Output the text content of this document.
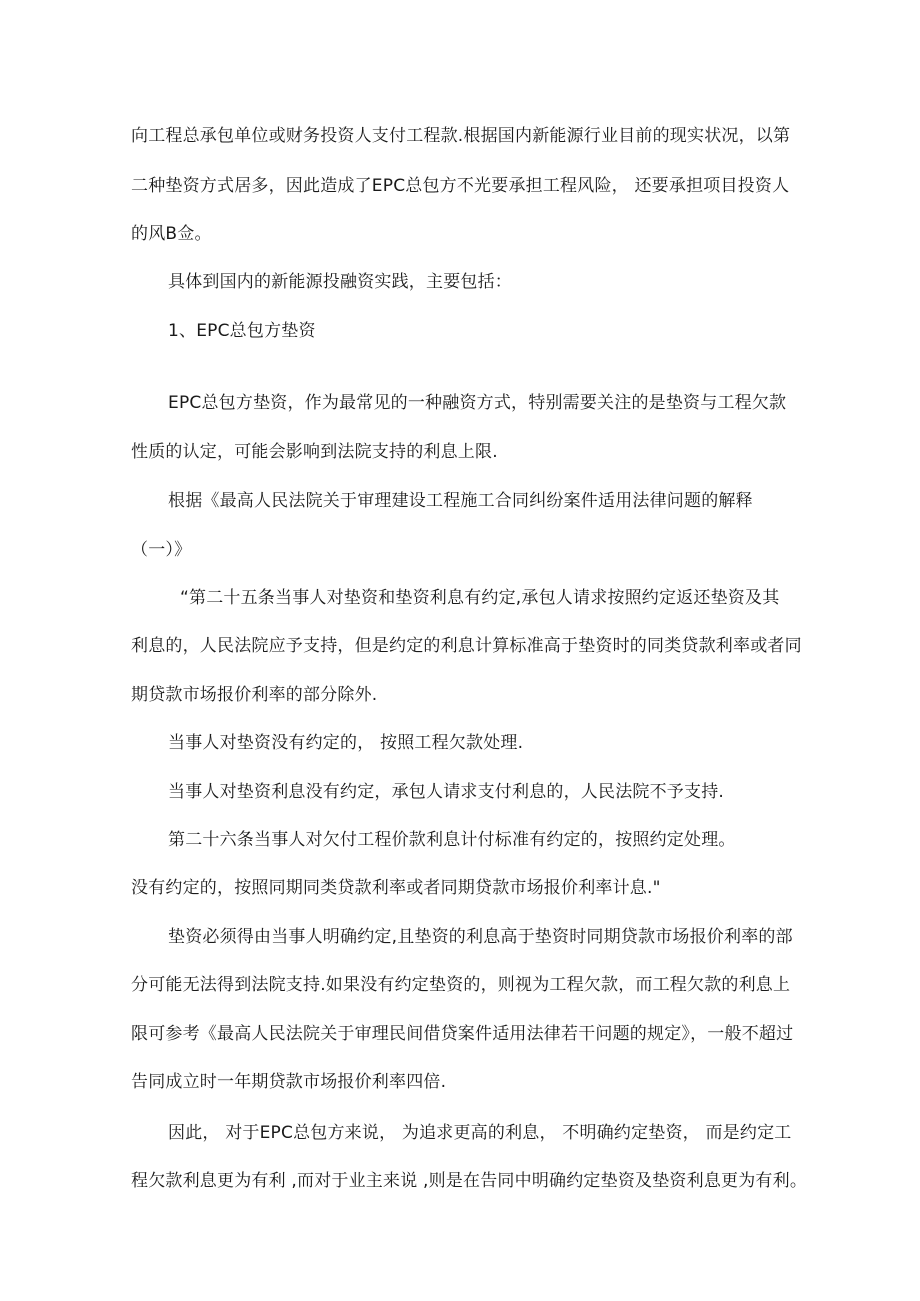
向工程总承包单位或财务投资人支付工程款.根据国内新能源行业目前的现实状况，以第
二种垫资方式居多，因此造成了EPC总包方不光要承担工程风险， 还要承担项目投资人
的风B佥。
具体到国内的新能源投融资实践，主要包括：
1、EPC总包方垫资
EPC总包方垫资，作为最常见的一种融资方式，特别需要关注的是垫资与工程欠款
性质的认定，可能会影响到法院支持的利息上限.
根据《最高人民法院关于审理建设工程施工合同纠纷案件适用法律问题的解释
（一）》
“第二十五条当事人对垫资和垫资利息有约定,承包人请求按照约定返还垫资及其
利息的，人民法院应予支持，但是约定的利息计算标准高于垫资时的同类贷款利率或者同
期贷款市场报价利率的部分除外.
当事人对垫资没有约定的， 按照工程欠款处理.
当事人对垫资利息没有约定，承包人请求支付利息的，人民法院不予支持.
第二十六条当事人对欠付工程价款利息计付标准有约定的，按照约定处理。
没有约定的，按照同期同类贷款利率或者同期贷款市场报价利率计息."
垫资必须得由当事人明确约定,且垫资的利息高于垫资时同期贷款市场报价利率的部
分可能无法得到法院支持.如果没有约定垫资的，则视为工程欠款，而工程欠款的利息上
限可参考《最高人民法院关于审理民间借贷案件适用法律若干问题的规定》，一般不超过
告同成立时一年期贷款市场报价利率四倍.
因此， 对于EPC总包方来说， 为追求更高的利息， 不明确约定垫资， 而是约定工
程欠款利息更为有利 ,而对于业主来说 ,则是在告同中明确约定垫资及垫资利息更为有利。
